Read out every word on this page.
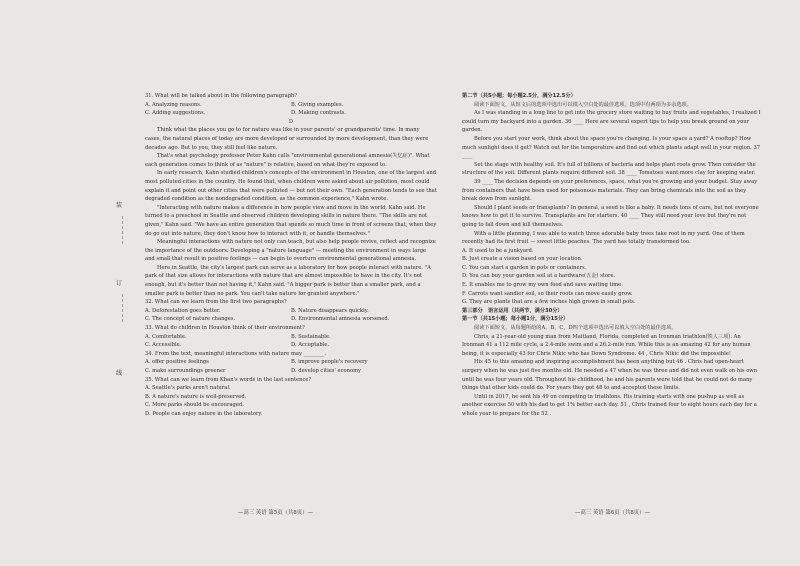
装
订
线

31. What will be talked about in the following paragraph?

A. Analyzing reasons.	B. Giving examples.
C. Adding suggestions.	D. Making contrasts.

D

Think what the places you go to for nature was like in your parents' or grandparents' time. In many cases, the natural places of today are more developed or surrounded by more development, than they were decades ago. But to you, they still feel like nature.

That's what psychology professor Peter Kahn calls "environmental generational amnesia(失忆症)". What each generation comes to think of as "nature" is relative, based on what they're exposed to.

In early research, Kahn studied children's concepts of the environment in Houston, one of the largest and most polluted cities in the country. He found that, when children were asked about air pollution, most could explain it and point out other cities that were polluted — but not their own. "Each generation tends to see that degraded condition as the nondegraded condition, as the common experience," Kahn wrote.

"Interacting with nature makes a difference in how people view and move in the world, Kahn said. He turned to a preschool in Seattle and observed children developing skills in nature there. "The skills are not given," Kahn said. "We have an entire generation that spends so much time in front of screens that, when they do go out into nature, they don't know how to interact with it, or handle themselves."

Meaningful interactions with nature not only can teach, but also help people revive, reflect and recognize the importance of the outdoors. Developing a "nature language" — meeting the environment in ways large and small that result in positive feelings — can begin to overturn environmental generational amnesia.

Here in Seattle, the city's largest park can serve as a laboratory for how people interact with nature. "A park of that size allows for interactions with nature that are almost impossible to have in the city. It's not enough, but it's better than not having it," Kahn said. "A bigger park is better than a smaller park, and a smaller park is better than no park. You can't take nature for granted anywhere."

32. What can we learn from the first two paragraphs?

A. Deforestation goes better.	B. Nature disappears quickly.
C. The concept of nature changes.	D. Environmental amnesia worsened.

33. What do children in Houston think of their environment?

A. Comfortable.	B. Sustainable.
C. Accessible.	D. Acceptable.

34. From the text, meaningful interactions with nature may ________.

A. offer positive feelings	B. improve people's recovery
C. make surroundings greener	D. develop cities' economy

35. What can we learn from Khan's words in the last sentence?

A. Seattle's parks aren't natural.

B. A nature's nature is well-preserved.

C. More parks should be encouraged.

D. People can enjoy nature in the laboratory.

第二节（共5小题；每小题2.5分，满分12.5分）

阅读下面短文，从短文后的选项中选出可以填入空白处的最佳选项。选项中有两项为多余选项。

As I was standing in a long line to get into the grocery store waiting to buy fruits and vegetables, I realized I could turn my backyard into a garden. 36 ____ Here are several expert tips to help you break ground on your garden.

Before you start your work, think about the space you're changing. Is your space a yard? A rooftop? How much sunlight does it get? Watch out for the temperature and find out which plants adapt well in your region. 37 ____

Set the stage with healthy soil. It's full of billions of bacteria and helps plant roots grow. Then consider the structure of the soil. Different plants require different soil. 38 ____ Tomatoes want more clay for keeping water.

39 ____ The decision depends on your preferences, space, what you're growing and your budget. Stay away from containers that have been used for poisonous materials. They can bring chemicals into the soil as they break down from sunlight.

Should I plant seeds or transplants? In general, a seed is like a baby. It needs tons of care, but not everyone knows how to get it to survive. Transplants are for starters. 40 ____ They still need your love but they're not going to fall down and kill themselves.

With a little planning, I was able to watch three adorable baby trees take root in my yard. One of them recently had its first fruit — sweet little peaches. The yard has totally transformed too.

A. It used to be a junkyard.

B. Just create a vision based on your location.

C. You can start a garden in pots or containers.

D. You can buy your garden soil at a hardware(五金) store.

E. It enables me to grow my own food and save waiting time.

F. Carrots want sandier soil, so their roots can move easily grow.

G. They are plants that are a few inches high grown in small pots.

第三部分　语言运用（共两节，满分30分）

第一节（共15小题；每小题1分，满分15分）

阅读下面短文，从每题所给的A、B、C、D四个选项中选出可以填入空白处的最佳选项。

Chris, a 21-year-old young man from Maitland, Florida, completed an Ironman triathlon(铁人三项). An Ironman 41 a 112 mile cycle, a 2.4-mile swim and a 26.2-mile run. While this is an amazing 42 for any human being, it is especially 43 for Chris Nikic who has Down Syndrome. 44 , Chris Nikic did the impossible!

His 45 to this amazing and inspiring accomplishment has been anything but 46 . Chris had open-heart surgery when he was just five months old. He needed a 47 when he was three and did not even walk on his own until he was four years old. Throughout his childhood, he and his parents were told that he could not do many things that other kids could do. For years they got 48 to and accepted these limits.

Until in 2017, he sent his 49 on competing in triathlons. His training starts with one pushup as well as another exercise 50 with his dad to get 1% better each day. 51 , Chris trained four to eight hours each day for a whole year to prepare for the 52 .

—高三 英语 第5页（共8页）—	—高三 英语 第6页（共8页）—
